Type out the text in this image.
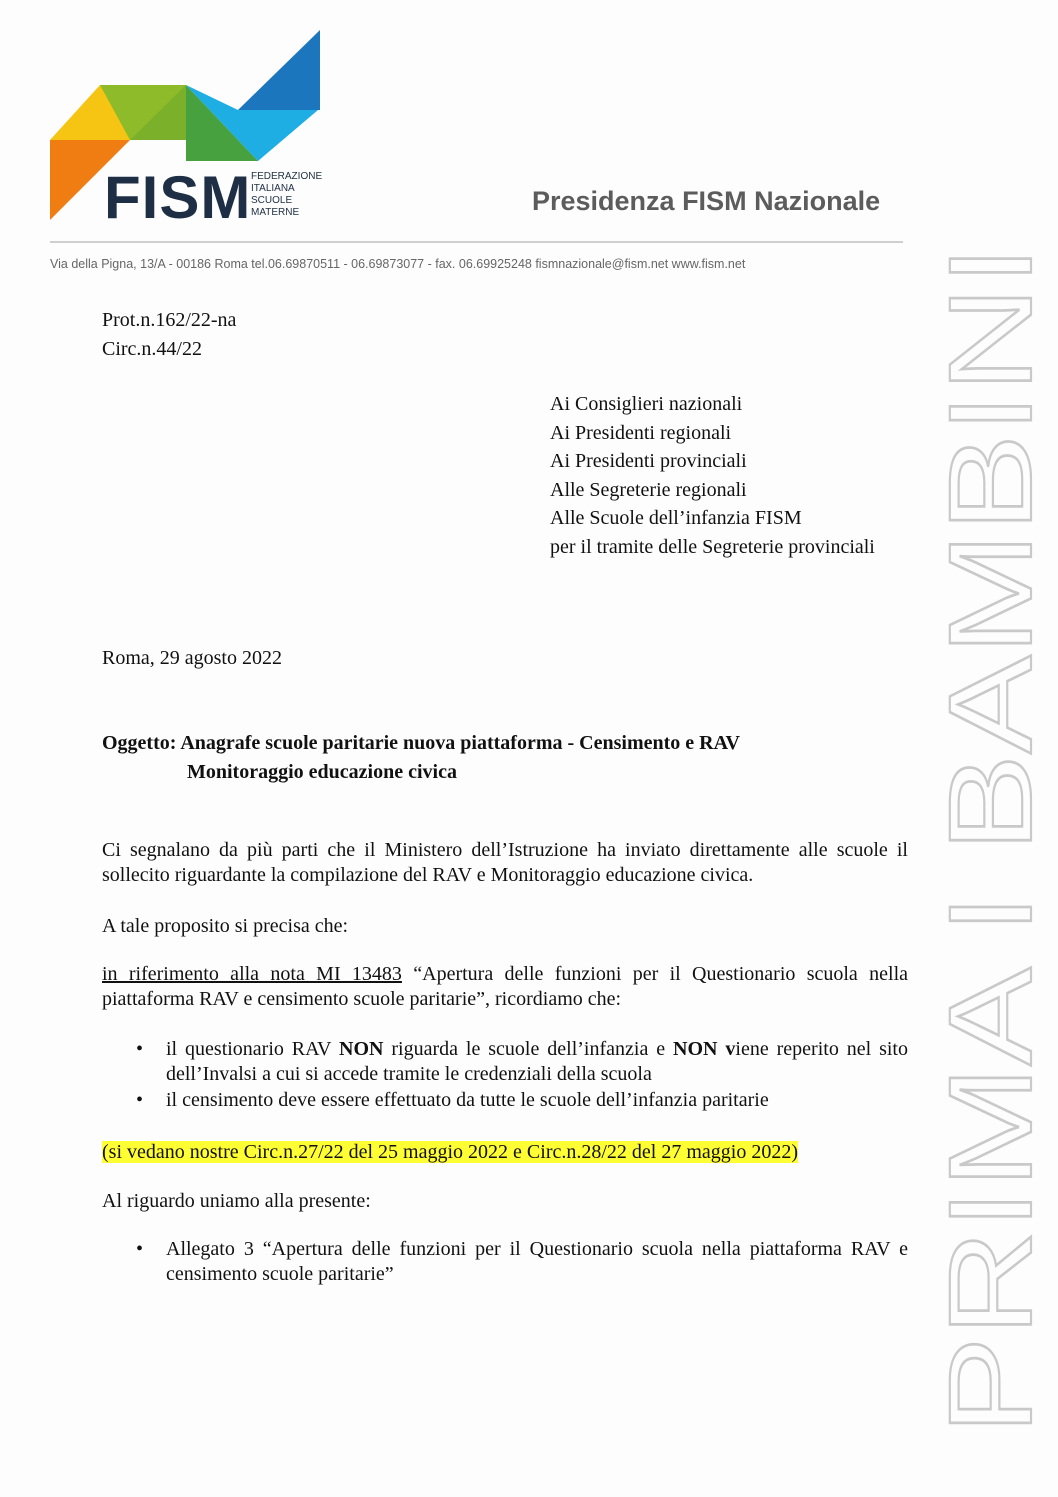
FISM FEDERAZIONE
ITALIANA
SCUOLE
MATERNE	Presidenza FISM Nazionale
Via della Pigna, 13/A - 00186 Roma tel.06.69870511 - 06.69873077 - fax. 06.69925248 fismnazionale@fism.net www.fism.net
PRIMA I BAMBINI
Prot.n.162/22-na
Circ.n.44/22
Ai Consiglieri nazionali
Ai Presidenti regionali
Ai Presidenti provinciali
Alle Segreterie regionali
Alle Scuole dell’infanzia FISM
per il tramite delle Segreterie provinciali
Roma, 29 agosto 2022
Oggetto: Anagrafe scuole paritarie nuova piattaforma - Censimento e RAV
Monitoraggio educazione civica
Ci segnalano da più parti che il Ministero dell’Istruzione ha inviato direttamente alle scuole il sollecito riguardante la compilazione del RAV e Monitoraggio educazione civica.
A tale proposito si precisa che:
in riferimento alla nota MI 13483 “Apertura delle funzioni per il Questionario scuola nella piattaforma RAV e censimento scuole paritarie”, ricordiamo che:
• il questionario RAV NON riguarda le scuole dell’infanzia e NON viene reperito nel sito dell’Invalsi a cui si accede tramite le credenziali della scuola
• il censimento deve essere effettuato da tutte le scuole dell’infanzia paritarie
(si vedano nostre Circ.n.27/22 del 25 maggio 2022 e Circ.n.28/22 del 27 maggio 2022)
Al riguardo uniamo alla presente:
• Allegato 3 “Apertura delle funzioni per il Questionario scuola nella piattaforma RAV e censimento scuole paritarie”
